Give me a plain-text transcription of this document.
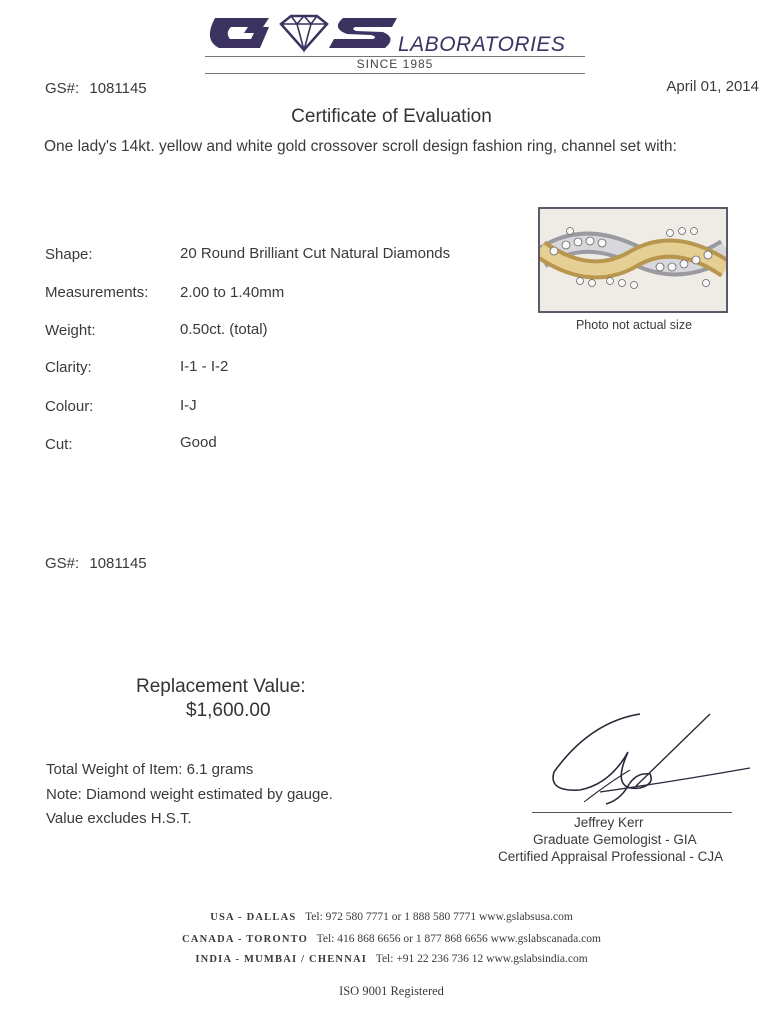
LABORATORIES
SINCE 1985
GS#: 1081145	April 01, 2014
Certificate of Evaluation
One lady's 14kt. yellow and white gold crossover scroll design fashion ring, channel set with:
Shape:	20 Round Brilliant Cut Natural Diamonds
Measurements: 2.00 to 1.40mm
Weight:	0.50ct. (total)
Clarity:	I-1 - I-2
Colour:	I-J
Cut:	Good
Photo not actual size
GS#: 1081145
Replacement Value:
$1,600.00
Total Weight of Item: 6.1 grams
Note: Diamond weight estimated by gauge.
Value excludes H.S.T.	Jeffrey Kerr
Graduate Gemologist - GIA
Certified Appraisal Professional - CJA
USA - DALLAS Tel: 972 580 7771 or 1 888 580 7771 www.gslabsusa.com
CANADA - TORONTO Tel: 416 868 6656 or 1 877 868 6656 www.gslabscanada.com
INDIA - MUMBAI / CHENNAI Tel: +91 22 236 736 12 www.gslabsindia.com
ISO 9001 Registered
